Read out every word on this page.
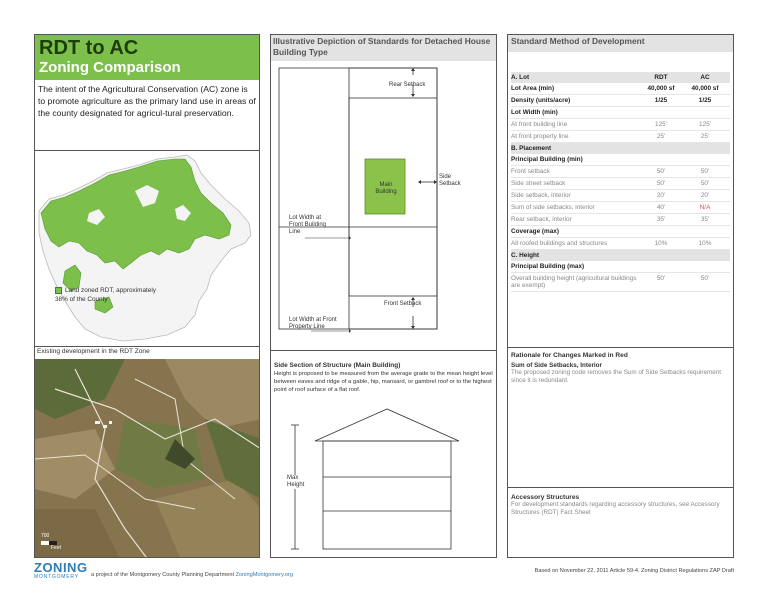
RDT to AC
Zoning Comparison
The intent of the Agricultural Conservation (AC) zone is to promote agriculture as the primary land use in areas of the county designated for agricul-tural preservation.
Land zoned RDT, approximately 38% of the County
Existing development in the RDT Zone
700
Feet
Illustrative Depiction of Standards for Detached House Building Type
Rear Setback
Side Setback
Main Building
Lot Width at Front Building Line
Front Setback
Lot Width at Front Property Line
Side Section of Structure (Main Building)
Height is proposed to be measured from the average grade to the mean height level between eaves and ridge of a gable, hip, mansard, or gambrel roof or to the highest point of roof surface of a flat roof.
Max Height
Standard Method of Development
A. Lot	RDT	AC
Lot Area (min)	40,000 sf	40,000 sf
Density (units/acre)	1/25	1/25
Lot Width (min)
At front building line	125'	125'
At front property line	25'	25'
B. Placement
Principal Building (min)
Front setback	50'	50'
Side street setback	50'	50'
Side setback, interior	20'	20'
Sum of side setbacks, interior	40'	N/A
Rear setback, interior	35'	35'
Coverage (max)
All roofed buildings and structures	10%	10%
C. Height
Principal Building (max)
Overall building height (agricultural buildings are exempt)
50'	50'
Rationale for Changes Marked in Red
Sum of Side Setbacks, Interior
The proposed zoning code removes the Sum of Side Setbacks requirement since it is redundant.
Accessory Structures
For development standards regarding accessory structures, see Accessory Structures (RDT) Fact Sheet
ZONING
MONTGOMERY	a project of the Montgomery County Planning Department ZoningMontgomery.org
Based on November 22, 2011 Article 59-4. Zoning District Regulations ZAP Draft
